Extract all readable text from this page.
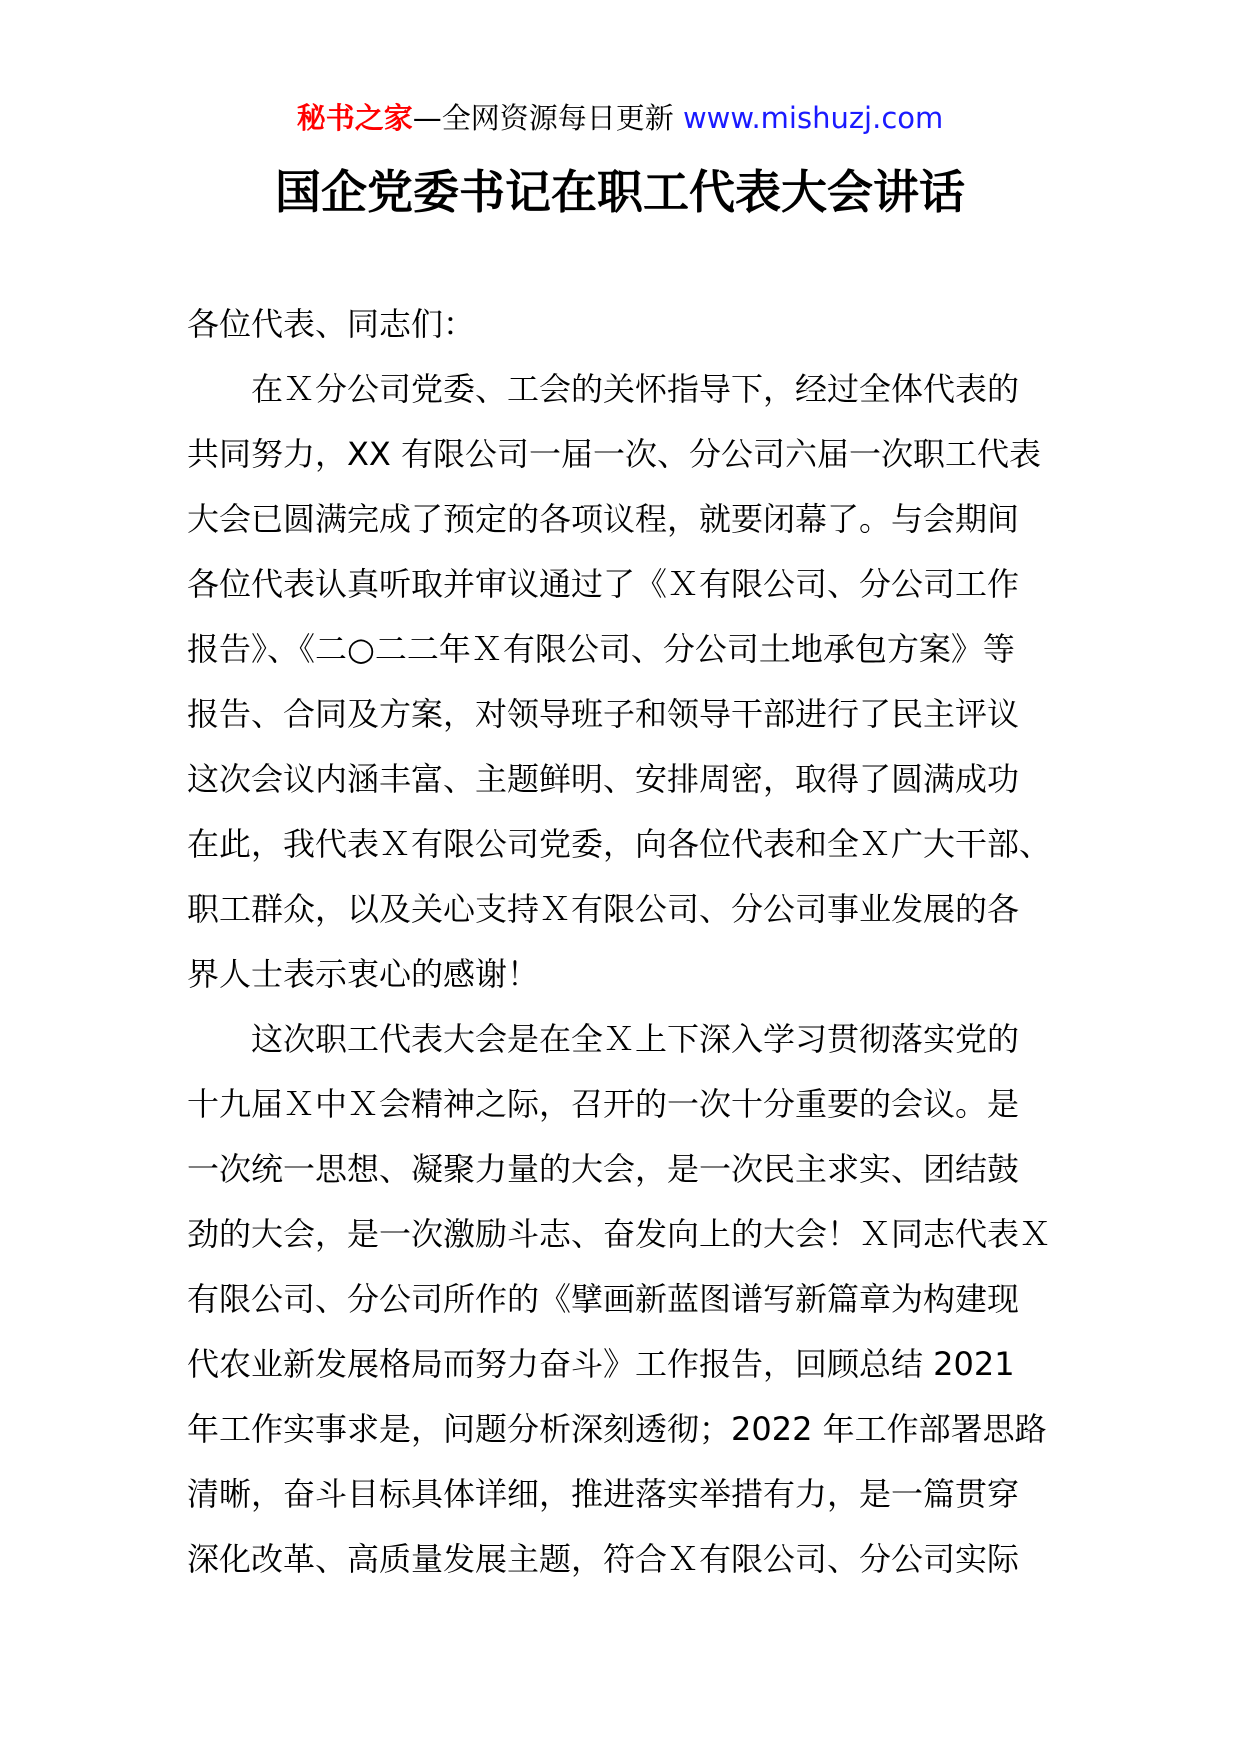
秘书之家—全网资源每日更新 www.mishuzj.com
国企党委书记在职工代表大会讲话
各位代表、同志们：
在Ｘ分公司党委、工会的关怀指导下，经过全体代表的
共同努力，XX 有限公司一届一次、分公司六届一次职工代表
大会已圆满完成了预定的各项议程，就要闭幕了。与会期间
各位代表认真听取并审议通过了《Ｘ有限公司、分公司工作
报告》、《二○二二年Ｘ有限公司、分公司土地承包方案》等
报告、合同及方案，对领导班子和领导干部进行了民主评议
这次会议内涵丰富、主题鲜明、安排周密，取得了圆满成功
在此，我代表Ｘ有限公司党委，向各位代表和全Ｘ广大干部、
职工群众，以及关心支持Ｘ有限公司、分公司事业发展的各
界人士表示衷心的感谢！
这次职工代表大会是在全Ｘ上下深入学习贯彻落实党的
十九届Ｘ中Ｘ会精神之际，召开的一次十分重要的会议。是
一次统一思想、凝聚力量的大会，是一次民主求实、团结鼓
劲的大会，是一次激励斗志、奋发向上的大会！Ｘ同志代表Ｘ
有限公司、分公司所作的《擘画新蓝图谱写新篇章为构建现
代农业新发展格局而努力奋斗》工作报告，回顾总结 2021
年工作实事求是，问题分析深刻透彻；2022 年工作部署思路
清晰，奋斗目标具体详细，推进落实举措有力，是一篇贯穿
深化改革、高质量发展主题，符合Ｘ有限公司、分公司实际
